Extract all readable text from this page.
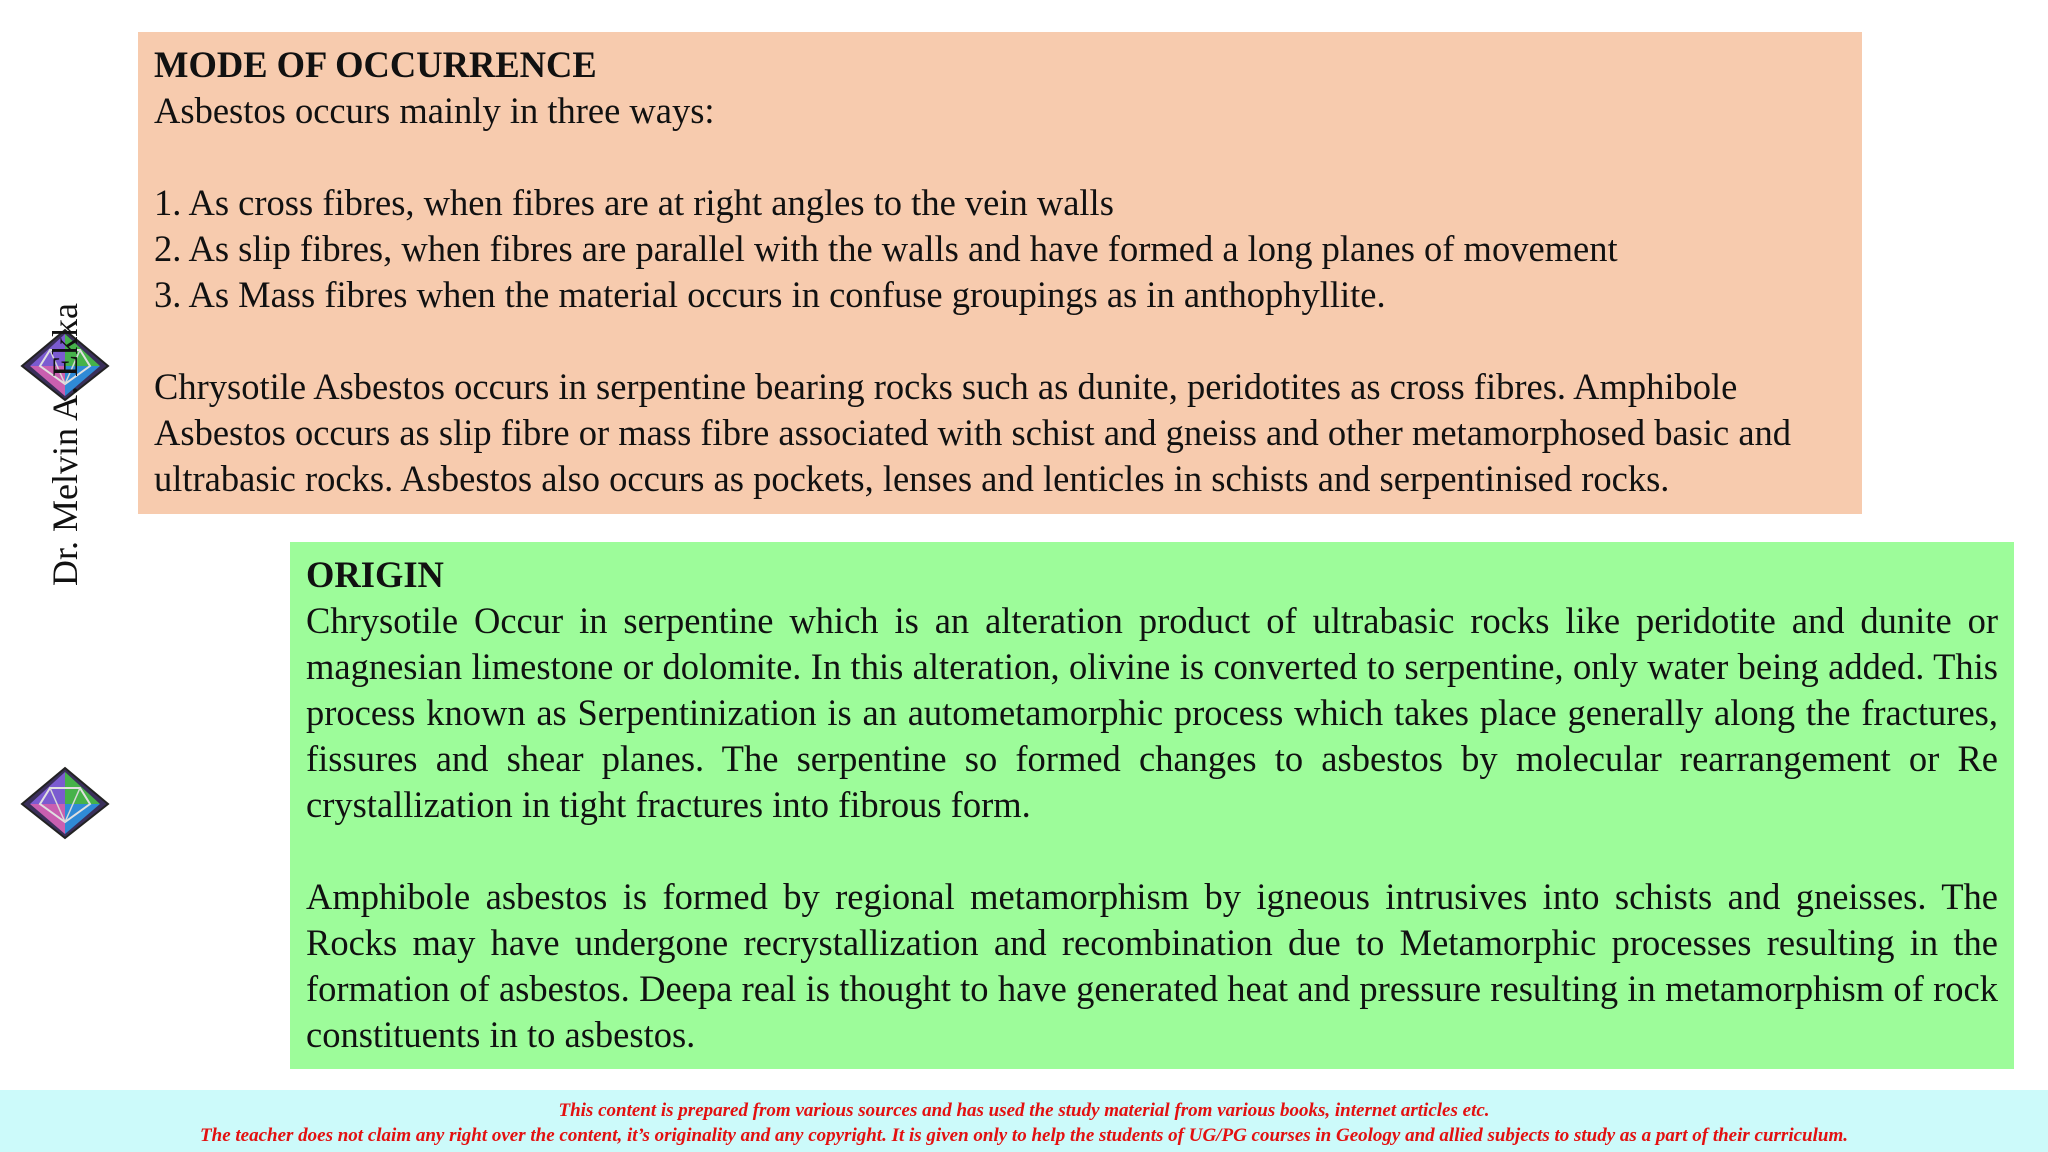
Dr. Melvin A. Ekka
MODE OF OCCURRENCE
Asbestos occurs mainly in three ways:
1. As cross fibres, when fibres are at right angles to the vein walls
2. As slip fibres, when fibres are parallel with the walls and have formed a long planes of movement
3. As Mass fibres when the material occurs in confuse groupings as in anthophyllite.
Chrysotile Asbestos occurs in serpentine bearing rocks such as dunite, peridotites as cross fibres. Amphibole Asbestos occurs as slip fibre or mass fibre associated with schist and gneiss and other metamorphosed basic and ultrabasic rocks. Asbestos also occurs as pockets, lenses and lenticles in schists and serpentinised rocks.
ORIGIN
Chrysotile Occur in serpentine which is an alteration product of ultrabasic rocks like peridotite and dunite or magnesian limestone or dolomite. In this alteration, olivine is converted to serpentine, only water being added. This process known as Serpentinization is an autometamorphic process which takes place generally along the fractures, fissures and shear planes. The serpentine so formed changes to asbestos by molecular rearrangement or Re crystallization in tight fractures into fibrous form.
Amphibole asbestos is formed by regional metamorphism by igneous intrusives into schists and gneisses. The Rocks may have undergone recrystallization and recombination due to Metamorphic processes resulting in the formation of asbestos. Deepa real is thought to have generated heat and pressure resulting in metamorphism of rock constituents in to asbestos.
This content is prepared from various sources and has used the study material from various books, internet articles etc.
The teacher does not claim any right over the content, it’s originality and any copyright. It is given only to help the students of UG/PG courses in Geology and allied subjects to study as a part of their curriculum.
